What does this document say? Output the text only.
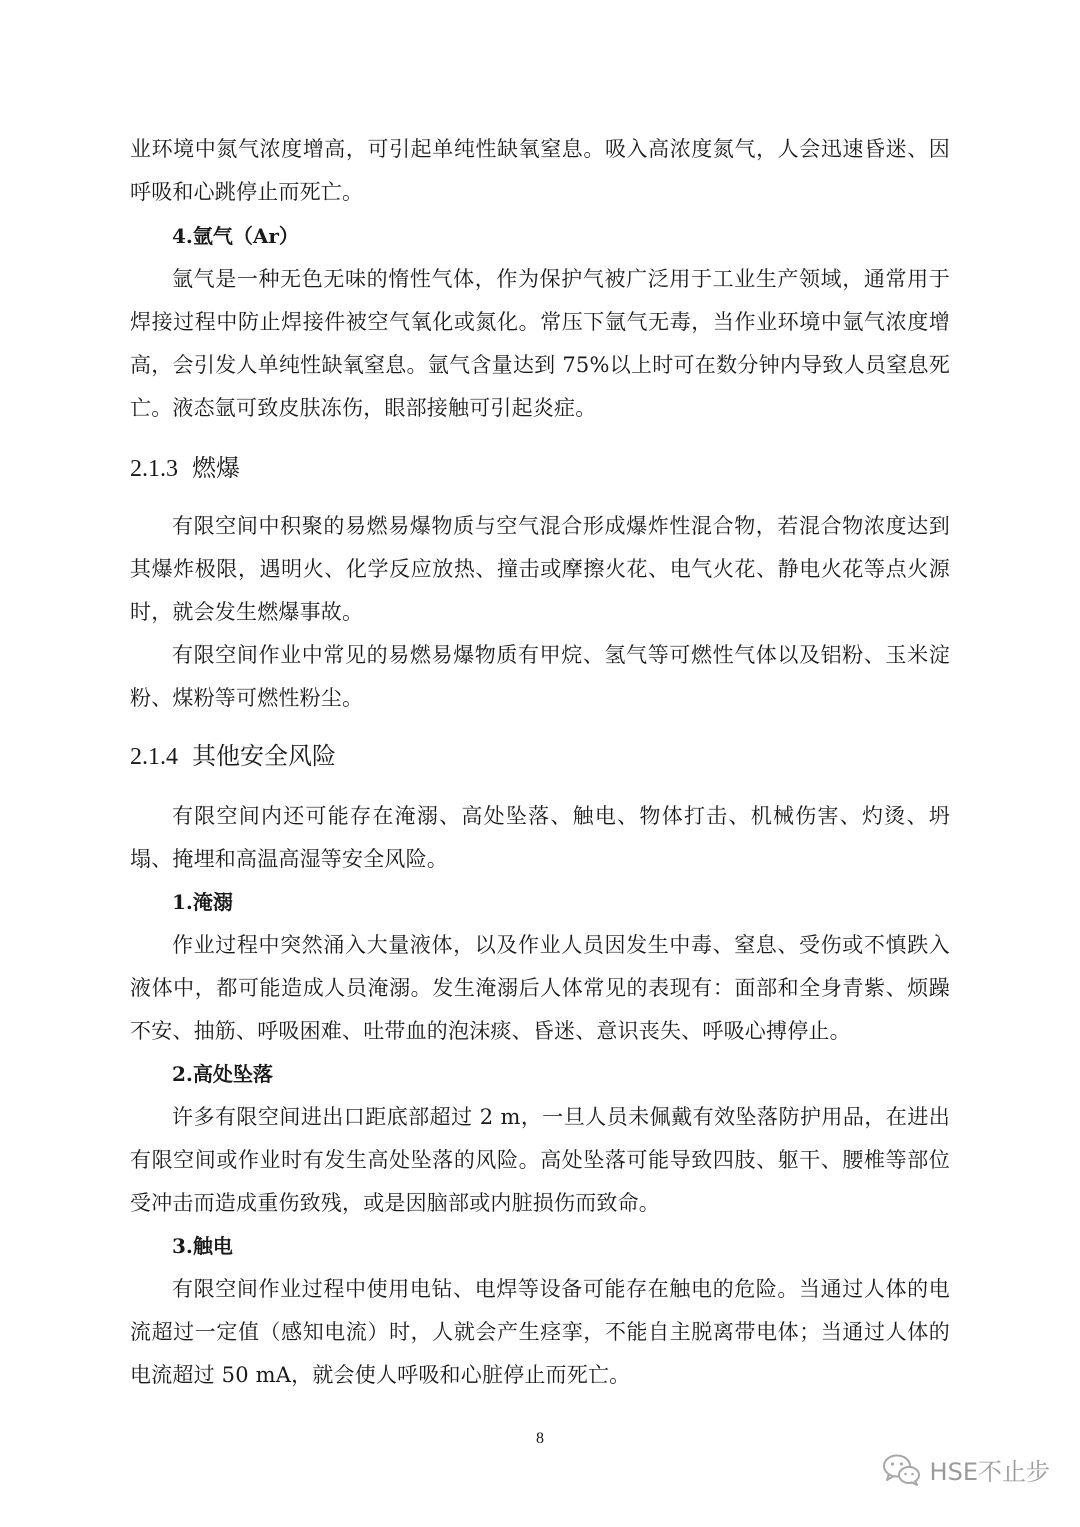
业环境中氮气浓度增高，可引起单纯性缺氧窒息。吸入高浓度氮气，人会迅速昏迷、因呼吸和心跳停止而死亡。

4.氩气（Ar）

氩气是一种无色无味的惰性气体，作为保护气被广泛用于工业生产领域，通常用于焊接过程中防止焊接件被空气氧化或氮化。常压下氩气无毒，当作业环境中氩气浓度增高，会引发人单纯性缺氧窒息。氩气含量达到 75%以上时可在数分钟内导致人员窒息死亡。液态氩可致皮肤冻伤，眼部接触可引起炎症。

2.1.3 燃爆

有限空间中积聚的易燃易爆物质与空气混合形成爆炸性混合物，若混合物浓度达到其爆炸极限，遇明火、化学反应放热、撞击或摩擦火花、电气火花、静电火花等点火源时，就会发生燃爆事故。

有限空间作业中常见的易燃易爆物质有甲烷、氢气等可燃性气体以及铝粉、玉米淀粉、煤粉等可燃性粉尘。

2.1.4 其他安全风险

有限空间内还可能存在淹溺、高处坠落、触电、物体打击、机械伤害、灼烫、坍塌、掩埋和高温高湿等安全风险。

1.淹溺

作业过程中突然涌入大量液体，以及作业人员因发生中毒、窒息、受伤或不慎跌入液体中，都可能造成人员淹溺。发生淹溺后人体常见的表现有：面部和全身青紫、烦躁不安、抽筋、呼吸困难、吐带血的泡沫痰、昏迷、意识丧失、呼吸心搏停止。

2.高处坠落

许多有限空间进出口距底部超过 2 m，一旦人员未佩戴有效坠落防护用品，在进出有限空间或作业时有发生高处坠落的风险。高处坠落可能导致四肢、躯干、腰椎等部位受冲击而造成重伤致残，或是因脑部或内脏损伤而致命。

3.触电

有限空间作业过程中使用电钻、电焊等设备可能存在触电的危险。当通过人体的电流超过一定值（感知电流）时，人就会产生痉挛，不能自主脱离带电体；当通过人体的电流超过 50 mA，就会使人呼吸和心脏停止而死亡。

8
HSE不止步
